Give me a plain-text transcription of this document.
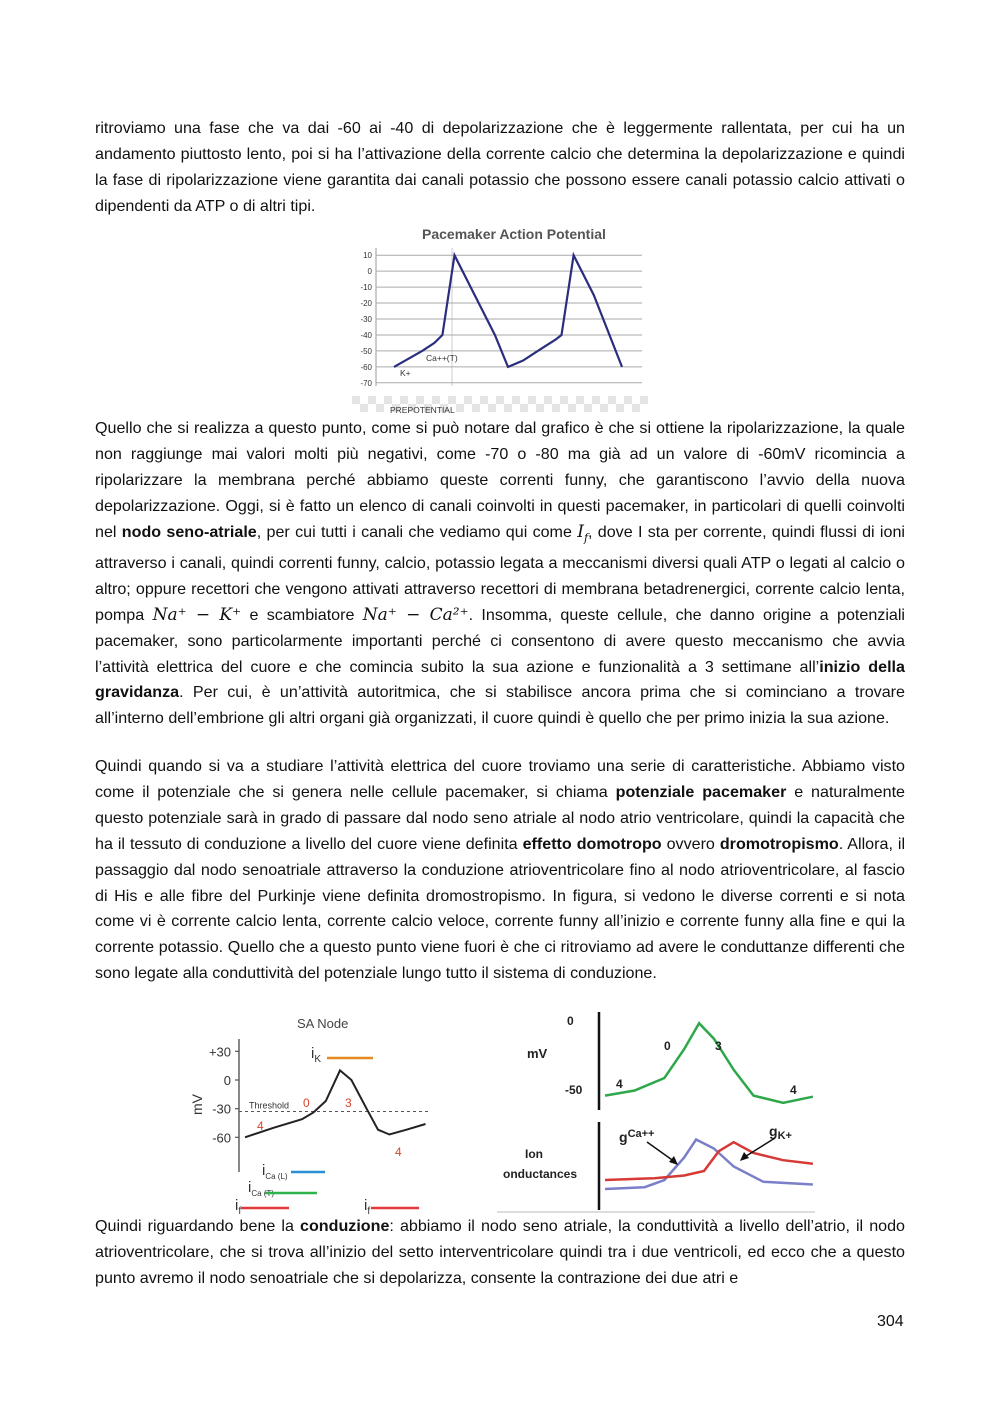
ritroviamo una fase che va dai -60 ai -40 di depolarizzazione che è leggermente rallentata, per cui ha un andamento piuttosto lento, poi si ha l’attivazione della corrente calcio che determina la depolarizzazione e quindi la fase di ripolarizzazione viene garantita dai canali potassio che possono essere canali potassio calcio attivati o dipendenti da ATP o di altri tipi.

Pacemaker Action Potential
10
0
-10
-20
-30
-40
-50
-60
-70
Ca++(T)
K+
PREPOTENTIAL

Quello che si realizza a questo punto, come si può notare dal grafico è che si ottiene la ripolarizzazione, la quale non raggiunge mai valori molti più negativi, come -70 o -80 ma già ad un valore di -60mV ricomincia a ripolarizzare la membrana perché abbiamo queste correnti funny, che garantiscono l’avvio della nuova depolarizzazione. Oggi, si è fatto un elenco di canali coinvolti in questi pacemaker, in particolari di quelli coinvolti nel nodo seno-atriale, per cui tutti i canali che vediamo qui come $I_f$, dove I sta per corrente, quindi flussi di ioni attraverso i canali, quindi correnti funny, calcio, potassio legata a meccanismi diversi quali ATP o legati al calcio o altro; oppure recettori che vengono attivati attraverso recettori di membrana betadrenergici, corrente calcio lenta, pompa Na⁺ − K⁺ e scambiatore Na⁺ − Ca²⁺. Insomma, queste cellule, che danno origine a potenziali pacemaker, sono particolarmente importanti perché ci consentono di avere questo meccanismo che avvia l’attività elettrica del cuore e che comincia subito la sua azione e funzionalità a 3 settimane all’inizio della gravidanza. Per cui, è un’attività autoritmica, che si stabilisce ancora prima che si cominciano a trovare all’interno dell’embrione gli altri organi già organizzati, il cuore quindi è quello che per primo inizia la sua azione.

Quindi quando si va a studiare l’attività elettrica del cuore troviamo una serie di caratteristiche. Abbiamo visto come il potenziale che si genera nelle cellule pacemaker, si chiama potenziale pacemaker e naturalmente questo potenziale sarà in grado di passare dal nodo seno atriale al nodo atrio ventricolare, quindi la capacità che ha il tessuto di conduzione a livello del cuore viene definita effetto domotropo ovvero dromotropismo. Allora, il passaggio dal nodo senoatriale attraverso la conduzione atrioventricolare fino al nodo atrioventricolare, al fascio di His e alle fibre del Purkinje viene definita dromostropismo. In figura, si vedono le diverse correnti e si nota come vi è corrente calcio lenta, corrente calcio veloce, corrente funny all’inizio e corrente funny alla fine e qui la corrente potassio. Quello che a questo punto viene fuori è che ci ritroviamo ad avere le conduttanze differenti che sono legate alla conduttività del potenziale lungo tutto il sistema di conduzione.

SA Node
mV
+30
0
-30
-60
Threshold
4
0	3
4
$i_K$
$i_{Ca (L)}$
$i_{Ca (T)}$
$i_f$	$i_f$
0
-50
mV
Ion
onductances
4
0	3
4
$g^{Ca++}$	$g_{K+}$

Quindi riguardando bene la conduzione: abbiamo il nodo seno atriale, la conduttività a livello dell’atrio, il nodo atrioventricolare, che si trova all’inizio del setto interventricolare quindi tra i due ventricoli, ed ecco che a questo punto avremo il nodo senoatriale che si depolarizza, consente la contrazione dei due atri e

304
